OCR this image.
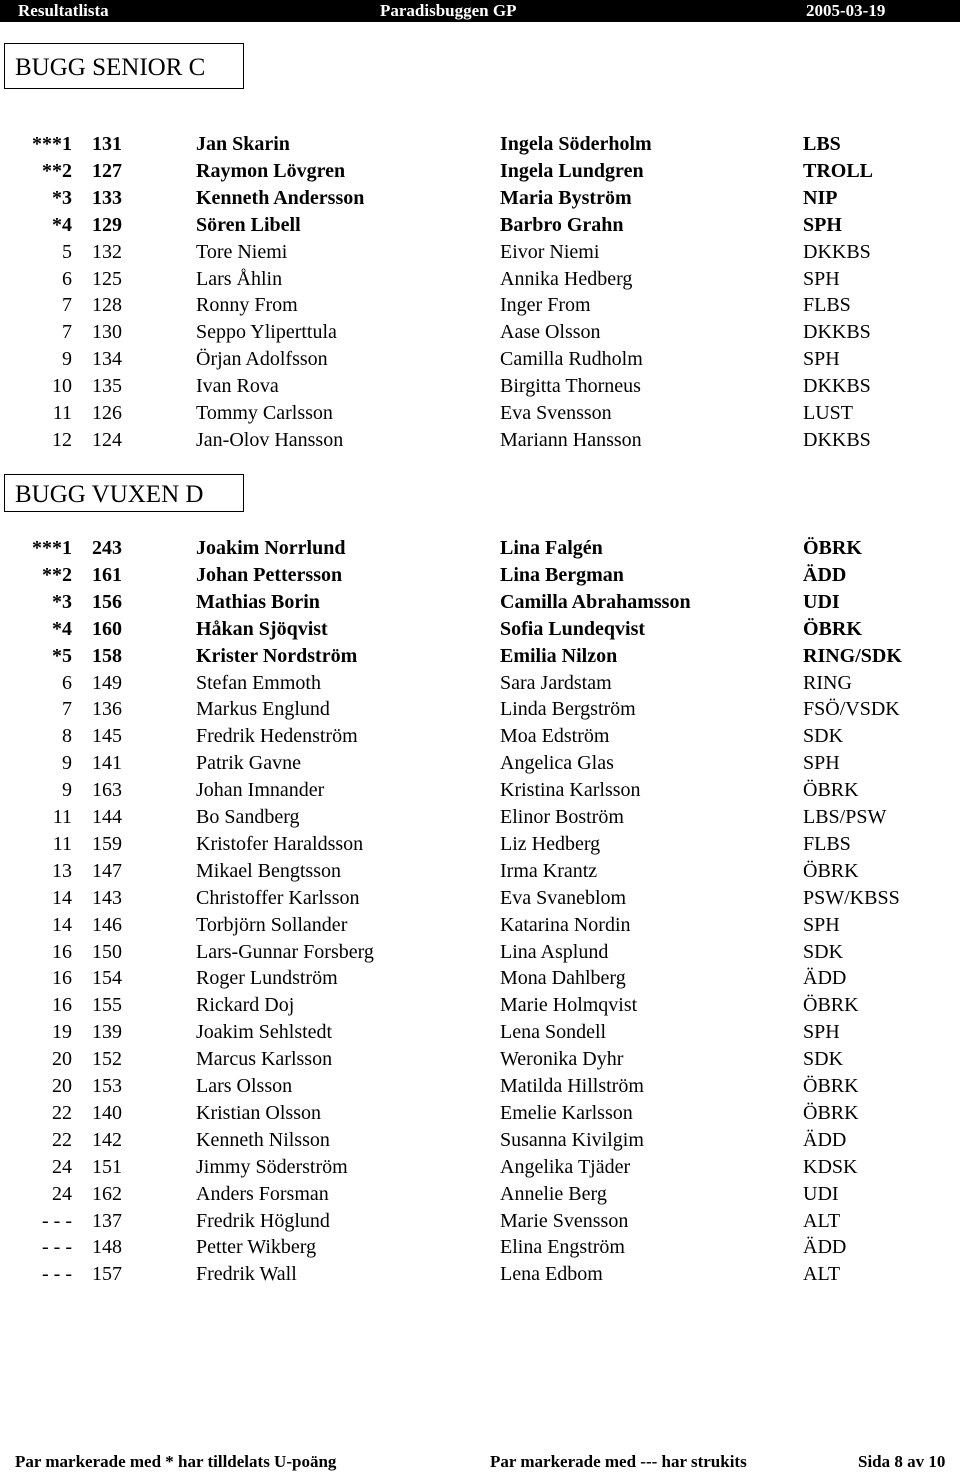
Resultatlista	Paradisbuggen GP	2005-03-19
BUGG SENIOR C
***1 131	Jan Skarin	Ingela Söderholm	LBS
**2 127	Raymon Lövgren	Ingela Lundgren	TROLL
*3 133	Kenneth Andersson	Maria Byström	NIP
*4 129	Sören Libell	Barbro Grahn	SPH
5 132	Tore Niemi	Eivor Niemi	DKKBS
6 125	Lars Åhlin	Annika Hedberg	SPH
7 128	Ronny From	Inger From	FLBS
7 130	Seppo Yliperttula	Aase Olsson	DKKBS
9 134	Örjan Adolfsson	Camilla Rudholm	SPH
10 135	Ivan Rova	Birgitta Thorneus	DKKBS
11 126	Tommy Carlsson	Eva Svensson	LUST
12 124	Jan-Olov Hansson	Mariann Hansson	DKKBS
BUGG VUXEN D
***1 243	Joakim Norrlund	Lina Falgén	ÖBRK
**2 161	Johan Pettersson	Lina Bergman	ÄDD
*3 156	Mathias Borin	Camilla Abrahamsson	UDI
*4 160	Håkan Sjöqvist	Sofia Lundeqvist	ÖBRK
*5 158	Krister Nordström	Emilia Nilzon	RING/SDK
6 149	Stefan Emmoth	Sara Jardstam	RING
7 136	Markus Englund	Linda Bergström	FSÖ/VSDK
8 145	Fredrik Hedenström	Moa Edström	SDK
9 141	Patrik Gavne	Angelica Glas	SPH
9 163	Johan Imnander	Kristina Karlsson	ÖBRK
11 144	Bo Sandberg	Elinor Boström	LBS/PSW
11 159	Kristofer Haraldsson	Liz Hedberg	FLBS
13 147	Mikael Bengtsson	Irma Krantz	ÖBRK
14 143	Christoffer Karlsson	Eva Svaneblom	PSW/KBSS
14 146	Torbjörn Sollander	Katarina Nordin	SPH
16 150	Lars-Gunnar Forsberg	Lina Asplund	SDK
16 154	Roger Lundström	Mona Dahlberg	ÄDD
16 155	Rickard Doj	Marie Holmqvist	ÖBRK
19 139	Joakim Sehlstedt	Lena Sondell	SPH
20 152	Marcus Karlsson	Weronika Dyhr	SDK
20 153	Lars Olsson	Matilda Hillström	ÖBRK
22 140	Kristian Olsson	Emelie Karlsson	ÖBRK
22 142	Kenneth Nilsson	Susanna Kivilgim	ÄDD
24 151	Jimmy Söderström	Angelika Tjäder	KDSK
24 162	Anders Forsman	Annelie Berg	UDI
- - - 137	Fredrik Höglund	Marie Svensson	ALT
- - - 148	Petter Wikberg	Elina Engström	ÄDD
- - - 157	Fredrik Wall	Lena Edbom	ALT
Par markerade med * har tilldelats U-poäng	Par markerade med --- har strukits	Sida 8 av 10
